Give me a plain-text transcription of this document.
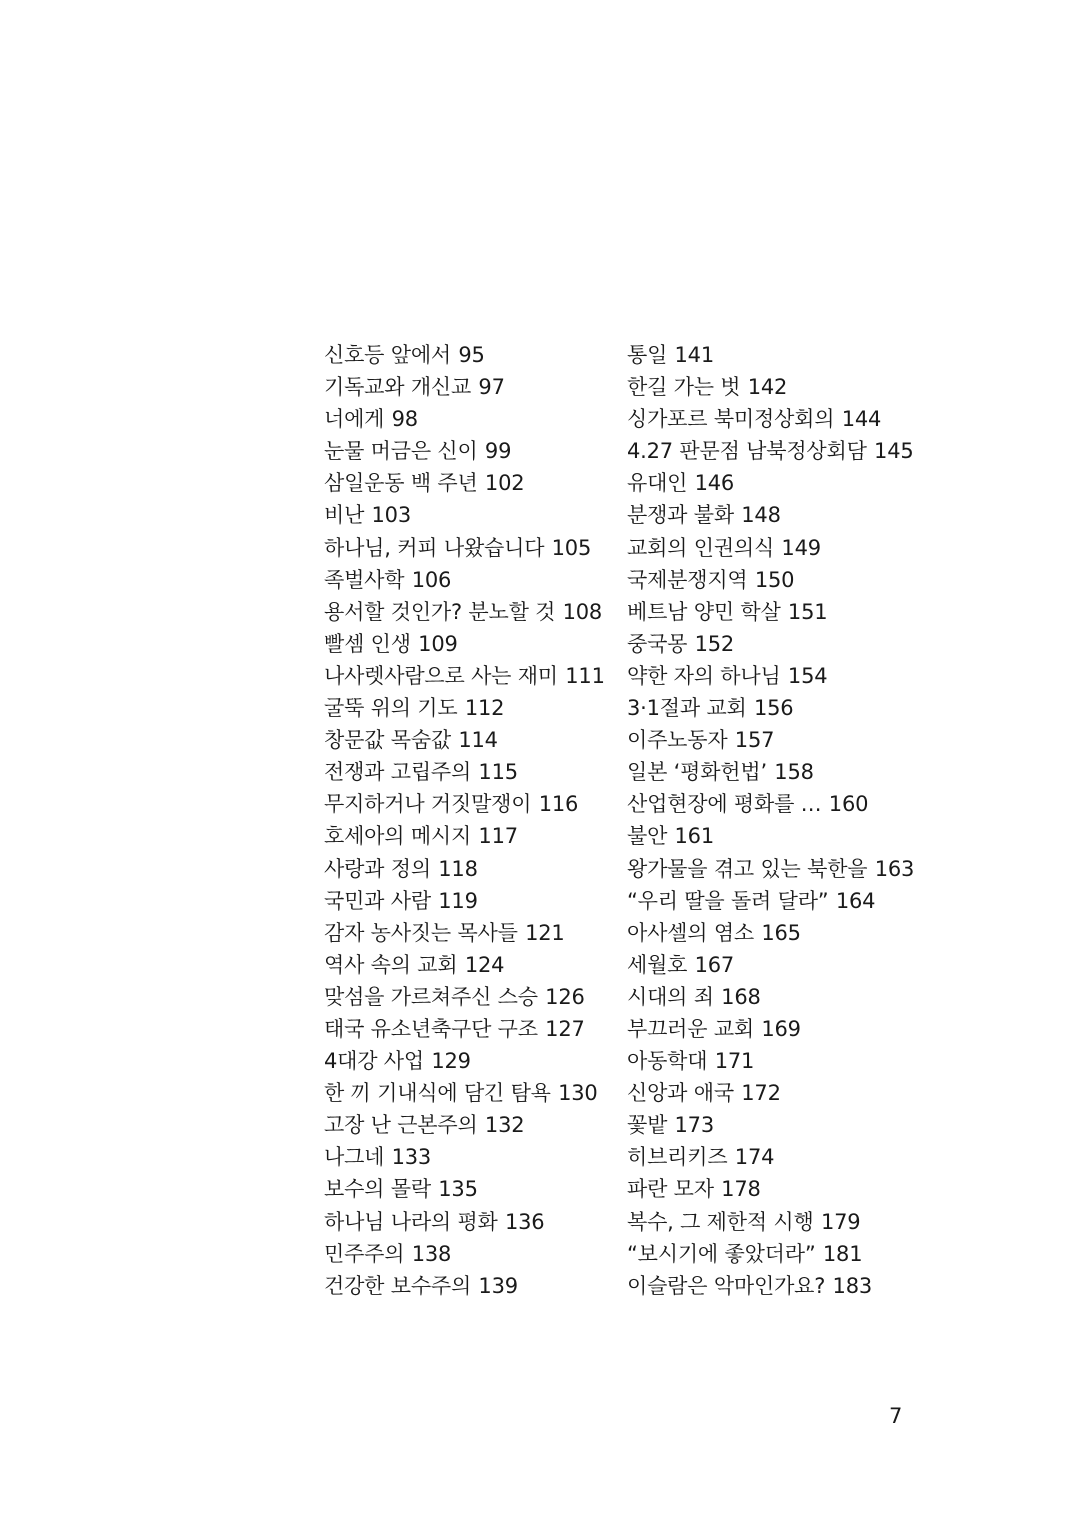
신호등 앞에서 95
기독교와 개신교 97
너에게 98
눈물 머금은 신이 99
삼일운동 백 주년 102
비난 103
하나님, 커피 나왔습니다 105
족벌사학 106
용서할 것인가? 분노할 것 108
빨셈 인생 109
나사렛사람으로 사는 재미 111
굴뚝 위의 기도 112
창문값 목숨값 114
전쟁과 고립주의 115
무지하거나 거짓말쟁이 116
호세아의 메시지 117
사랑과 정의 118
국민과 사람 119
감자 농사짓는 목사들 121
역사 속의 교회 124
맞섬을 가르쳐주신 스승 126
태국 유소년축구단 구조 127
4대강 사업 129
한 끼 기내식에 담긴 탐욕 130
고장 난 근본주의 132
나그네 133
보수의 몰락 135
하나님 나라의 평화 136
민주주의 138
건강한 보수주의 139
통일 141
한길 가는 벗 142
싱가포르 북미정상회의 144
4.27 판문점 남북정상회담 145
유대인 146
분쟁과 불화 148
교회의 인권의식 149
국제분쟁지역 150
베트남 양민 학살 151
중국몽 152
약한 자의 하나님 154
3·1절과 교회 156
이주노동자 157
일본 ‘평화헌법’ 158
산업현장에 평화를 … 160
불안 161
왕가물을 겪고 있는 북한을 163
“우리 딸을 돌려 달라” 164
아사셀의 염소 165
세월호 167
시대의 죄 168
부끄러운 교회 169
아동학대 171
신앙과 애국 172
꽃밭 173
히브리키즈 174
파란 모자 178
복수, 그 제한적 시행 179
“보시기에 좋았더라” 181
이슬람은 악마인가요? 183
7
